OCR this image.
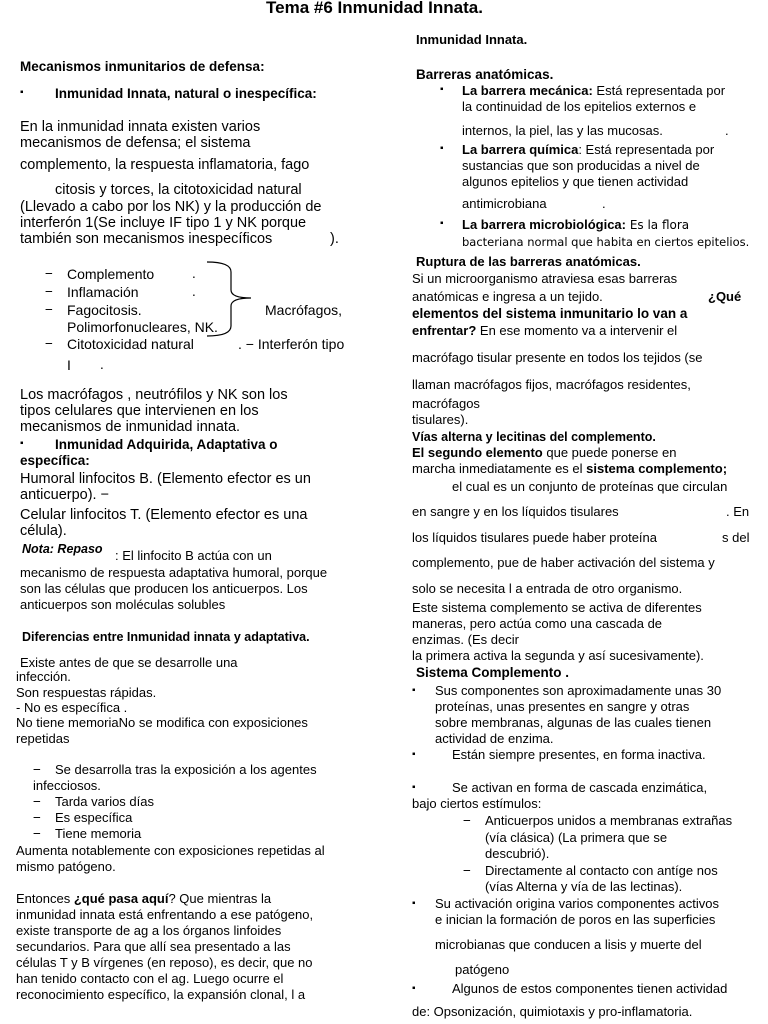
Tema #6 Inmunidad Innata.
Mecanismos inmunitarios de defensa:
▪ Inmunidad Innata, natural o inespecífica:
En la inmunidad innata existen varios
mecanismos de defensa; el sistema
complemento, la respuesta inflamatoria, fago
citosis y torces, la citotoxicidad natural
(Llevado a cabo por los NK) y la producción de
interferón 1(Se incluye IF tipo 1 y NK porque
también son mecanismos inespecíficos	).
− Complemento	.
− Inflamación	.
− Fagocitosis.	Macrófagos,
Polimorfonucleares, NK.
− Citotoxicidad natural	. − Interferón tipo
I .
Los macrófagos , neutrófilos y NK son los
tipos celulares que intervienen en los
mecanismos de inmunidad innata.
▪ Inmunidad Adquirida, Adaptativa o
específica:
Humoral linfocitos B. (Elemento efector es un
anticuerpo). −
Celular linfocitos T. (Elemento efector es una
célula).
Nota: Repaso : El linfocito B actúa con un
mecanismo de respuesta adaptativa humoral, porque
son las células que producen los anticuerpos. Los
anticuerpos son moléculas solubles
Diferencias entre Inmunidad innata y adaptativa.
Existe antes de que se desarrolle una
infección.
Son respuestas rápidas.
- No es específica .
No tiene memoriaNo se modifica con exposiciones
repetidas
− Se desarrolla tras la exposición a los agentes
infecciosos.
− Tarda varios días
− Es específica
− Tiene memoria
Aumenta notablemente con exposiciones repetidas al
mismo patógeno.
Entonces ¿qué pasa aquí? Que mientras la
inmunidad innata está enfrentando a ese patógeno,
existe transporte de ag a los órganos linfoides
secundarios. Para que allí sea presentado a las
células T y B vírgenes (en reposo), es decir, que no
han tenido contacto con el ag. Luego ocurre el
reconocimiento específico, la expansión clonal, l a
Inmunidad Innata.
Barreras anatómicas.
▪ La barrera mecánica: Está representada por
la continuidad de los epitelios externos e
internos, la piel, las y las mucosas.	.
▪ La barrera química: Está representada por
sustancias que son producidas a nivel de
algunos epitelios y que tienen actividad
antimicrobiana	.
▪ La barrera microbiológica: Es la flora
bacteriana normal que habita en ciertos epitelios.
Ruptura de las barreras anatómicas.
Si un microorganismo atraviesa esas barreras
anatómicas e ingresa a un tejido.	¿Qué
elementos del sistema inmunitario lo van a
enfrentar? En ese momento va a intervenir el
macrófago tisular presente en todos los tejidos (se
llaman macrófagos fijos, macrófagos residentes,
macrófagos
tisulares).
Vías alterna y lecitinas del complemento.
El segundo elemento que puede ponerse en
marcha inmediatamente es el sistema complemento;
el cual es un conjunto de proteínas que circulan
en sangre y en los líquidos tisulares	. En
los líquidos tisulares puede haber proteína	s del
complemento, pue de haber activación del sistema y
solo se necesita l a entrada de otro organismo.
Este sistema complemento se activa de diferentes
maneras, pero actúa como una cascada de
enzimas. (Es decir
la primera activa la segunda y así sucesivamente).
Sistema Complemento .
▪ Sus componentes son aproximadamente unas 30
proteínas, unas presentes en sangre y otras
sobre membranas, algunas de las cuales tienen
actividad de enzima.
▪	Están siempre presentes, en forma inactiva.
▪	Se activan en forma de cascada enzimática,
bajo ciertos estímulos:
− Anticuerpos unidos a membranas extrañas
(vía clásica) (La primera que se
descubrió).
− Directamente al contacto con antíge nos
(vías Alterna y vía de las lectinas).
▪ Su activación origina varios componentes activos
e inician la formación de poros en las superficies
microbianas que conducen a lisis y muerte del
patógeno
▪	Algunos de estos componentes tienen actividad
de: Opsonización, quimiotaxis y pro-inflamatoria.
